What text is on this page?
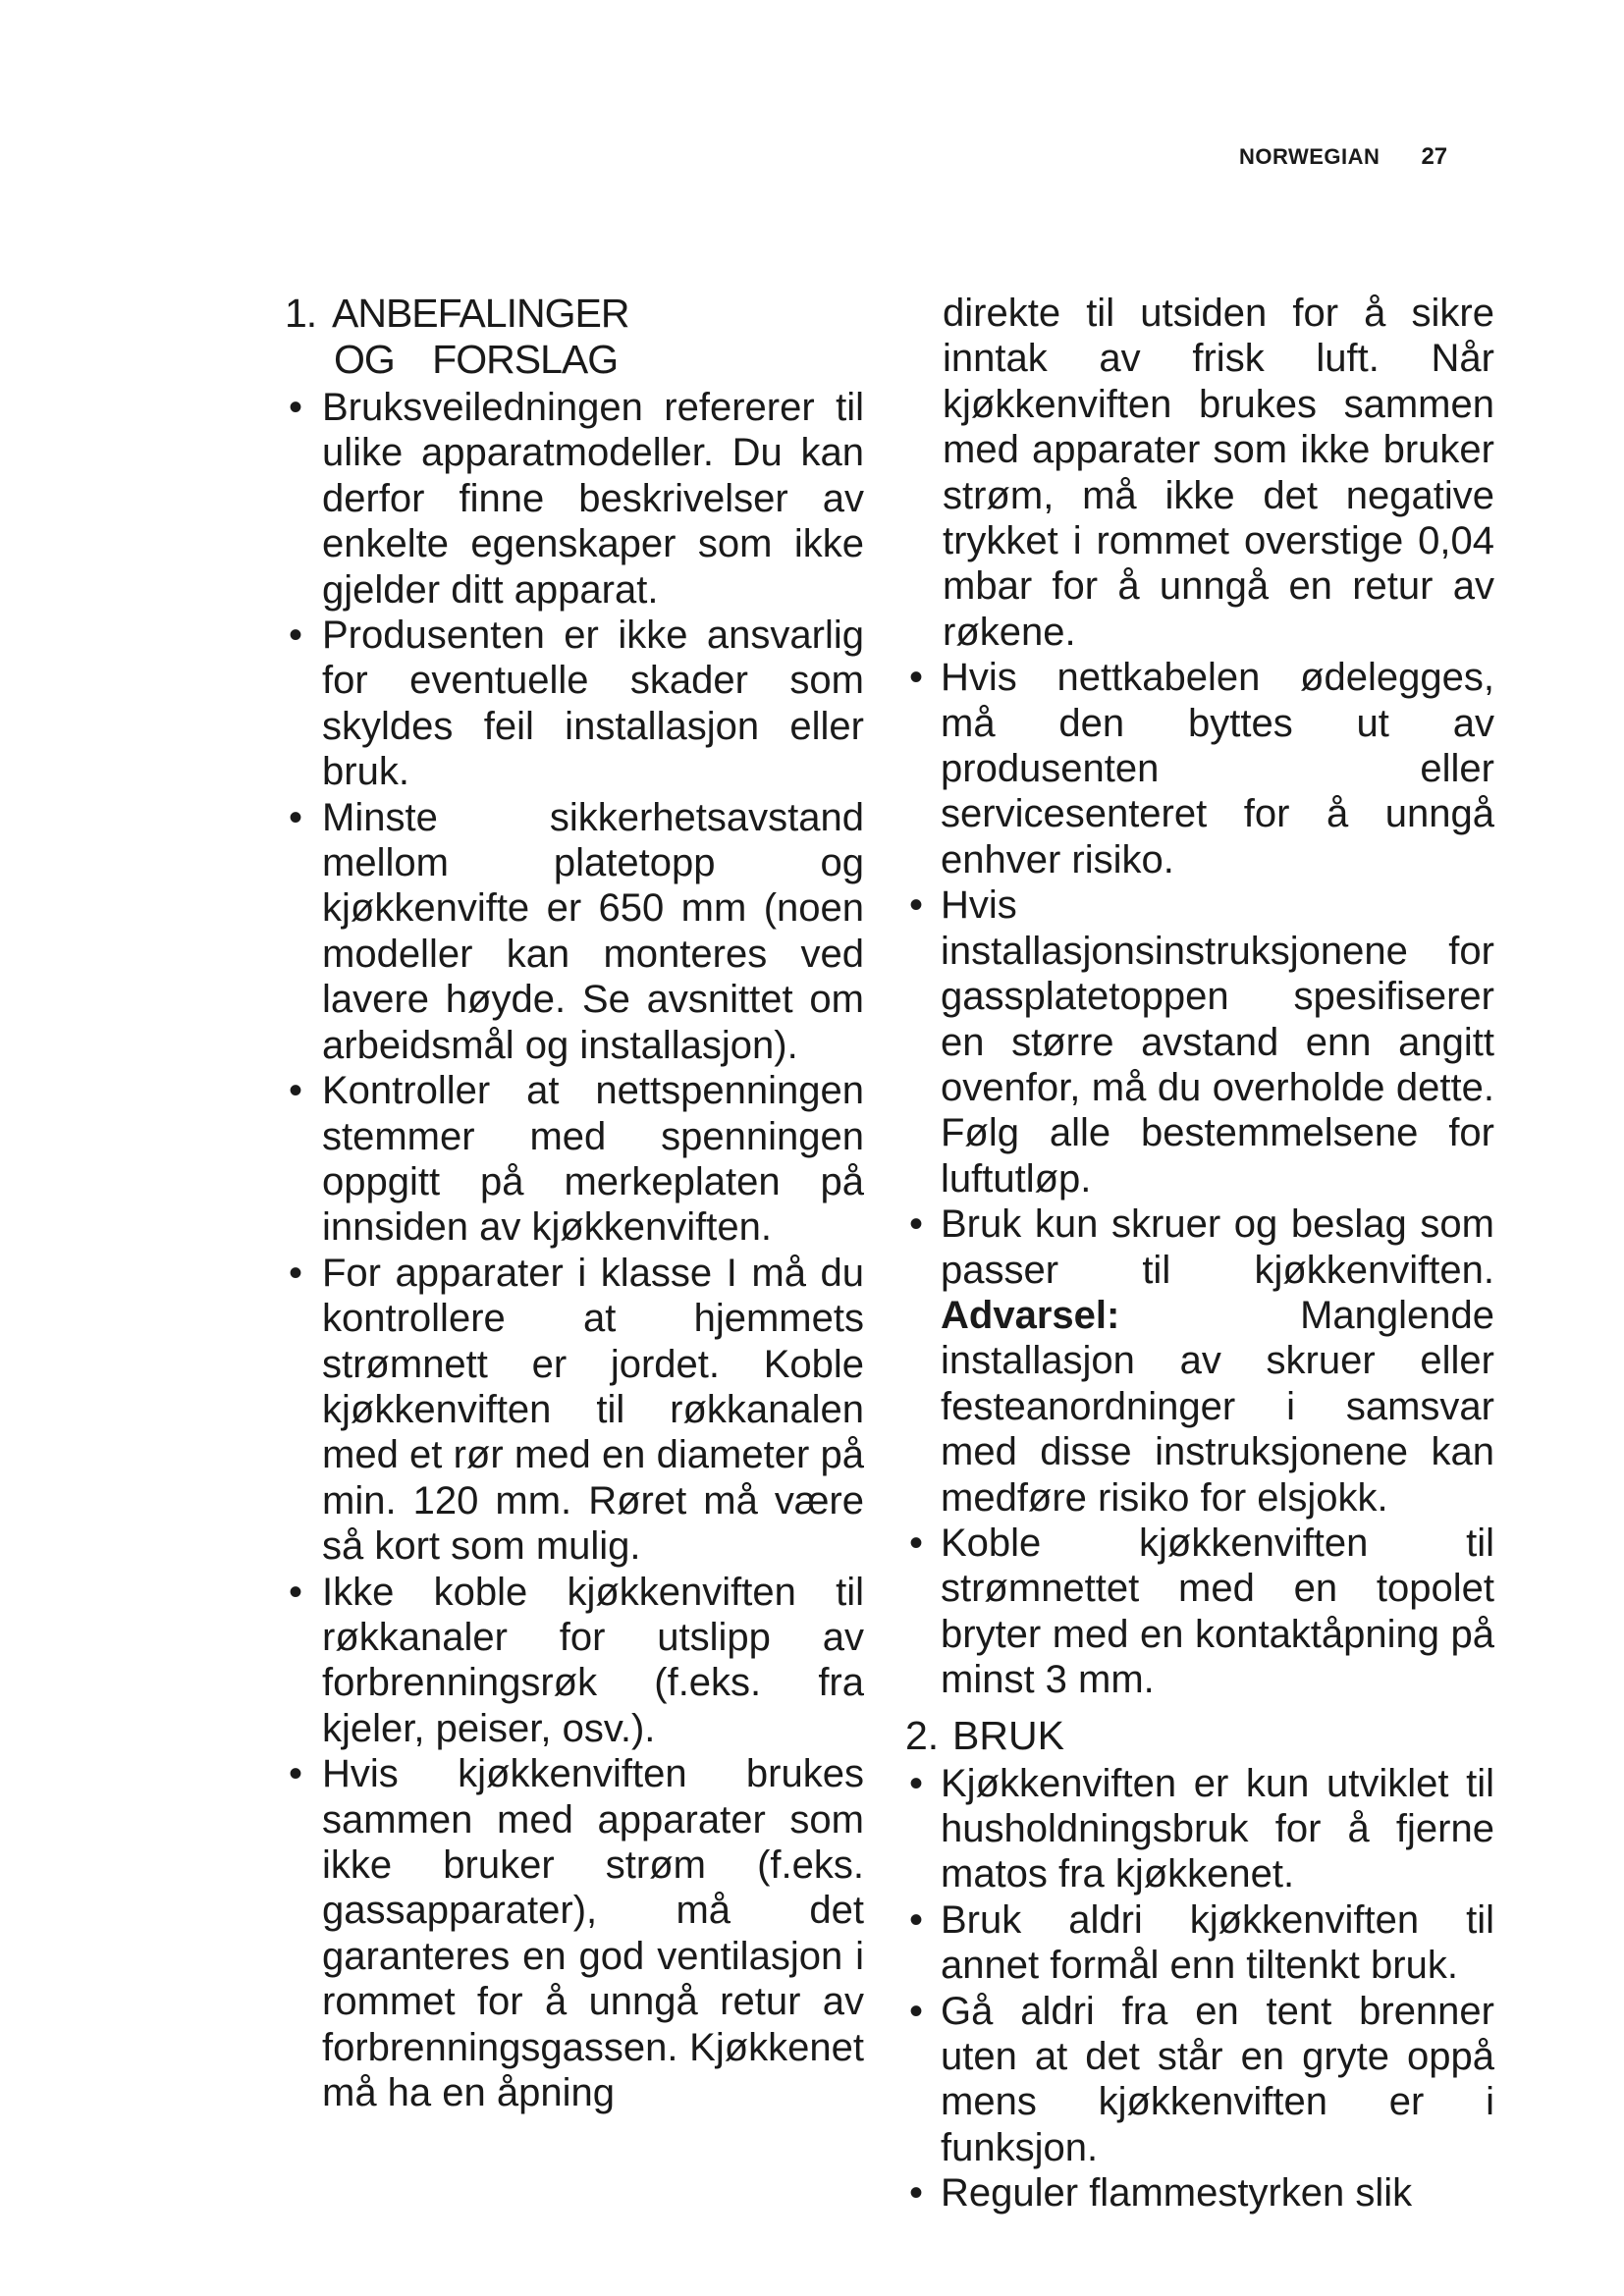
NORWEGIAN 27
1. ANBEFALINGER
OG FORSLAG
• Bruksveiledningen refererer til ulike apparatmodeller. Du kan derfor finne beskrivelser av enkelte egenskaper som ikke gjelder ditt apparat.
• Produsenten er ikke ansvarlig for eventuelle skader som skyldes feil installasjon eller bruk.
• Minste sikkerhetsavstand mellom platetopp og kjøkkenvifte er 650 mm (noen modeller kan monteres ved lavere høyde. Se avsnittet om arbeidsmål og installasjon).
• Kontroller at nettspenningen stemmer med spenningen oppgitt på merkeplaten på innsiden av kjøkkenviften.
• For apparater i klasse I må du kontrollere at hjemmets strømnett er jordet. Koble kjøkkenviften til røkkanalen med et rør med en diameter på min. 120 mm. Røret må være så kort som mulig.
• Ikke koble kjøkkenviften til røkkanaler for utslipp av forbrenningsrøk (f.eks. fra kjeler, peiser, osv.).
• Hvis kjøkkenviften brukes sammen med apparater som ikke bruker strøm (f.eks. gassapparater), må det garanteres en god ventilasjon i rommet for å unngå retur av forbrenningsgassen. Kjøkkenet må ha en åpning

direkte til utsiden for å sikre inntak av frisk luft. Når kjøkkenviften brukes sammen med apparater som ikke bruker strøm, må ikke det negative trykket i rommet overstige 0,04 mbar for å unngå en retur av røkene.

• Hvis nettkabelen ødelegges, må den byttes ut av produsenten eller servicesenteret for å unngå enhver risiko.
• Hvis installasjonsinstruksjonene for gassplatetoppen spesifiserer en større avstand enn angitt ovenfor, må du overholde dette. Følg alle bestemmelsene for luftutløp.
• Bruk kun skruer og beslag som passer til kjøkkenviften. Advarsel: Manglende installasjon av skruer eller festeanordninger i samsvar med disse instruksjonene kan medføre risiko for elsjokk.
• Koble kjøkkenviften til strømnettet med en topolet bryter med en kontaktåpning på minst 3 mm.
2. BRUK
• Kjøkkenviften er kun utviklet til husholdningsbruk for å fjerne matos fra kjøkkenet.
• Bruk aldri kjøkkenviften til annet formål enn tiltenkt bruk.
• Gå aldri fra en tent brenner uten at det står en gryte oppå mens kjøkkenviften er i funksjon.
• Reguler flammestyrken slik
